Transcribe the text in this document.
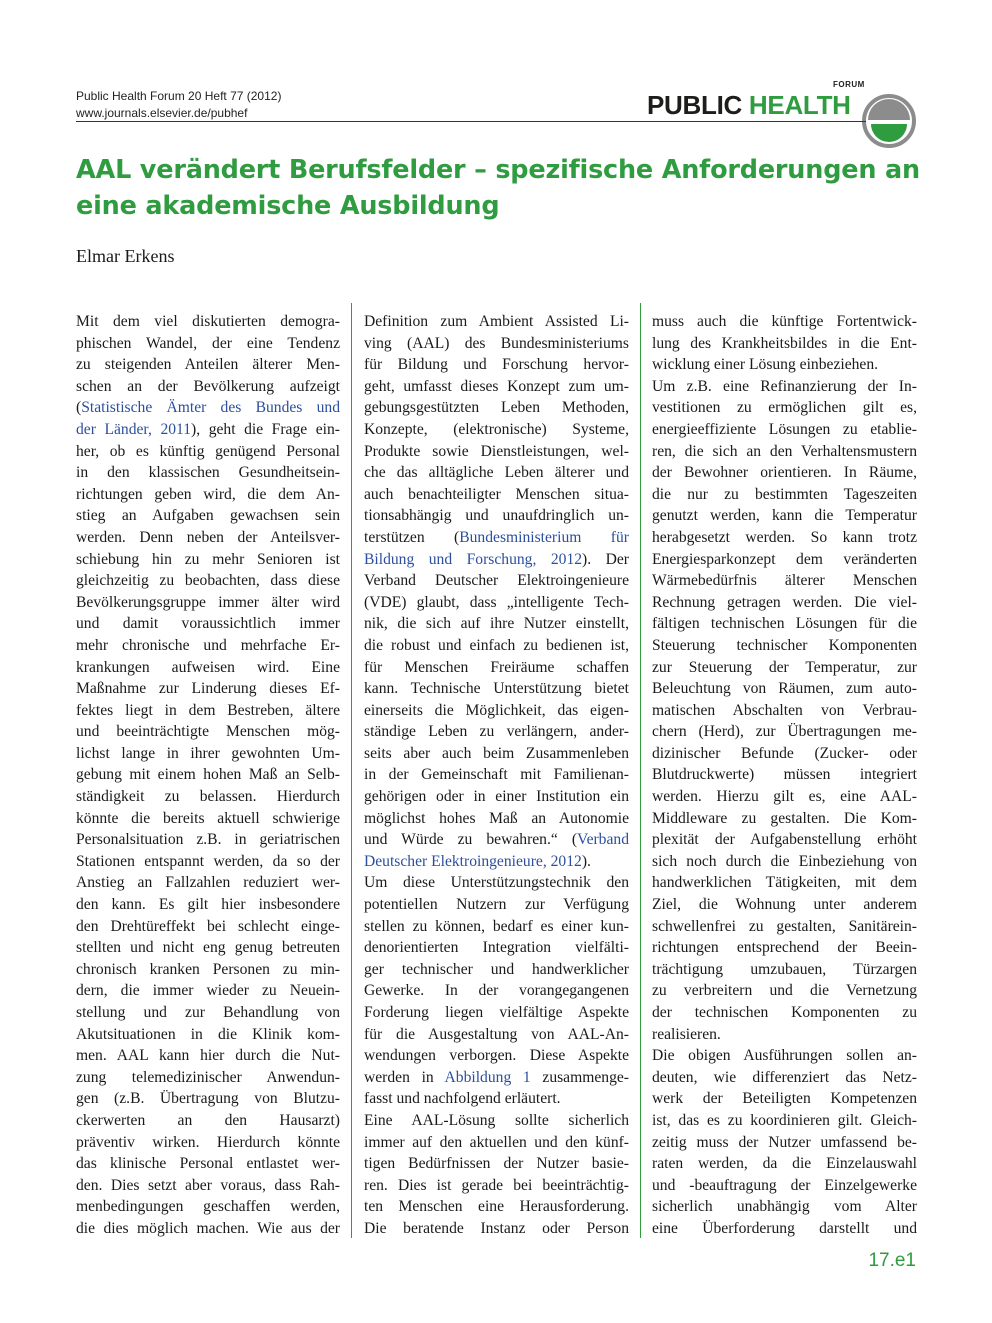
Public Health Forum 20 Heft 77 (2012)
www.journals.elsevier.de/pubhef
FORUM
PUBLIC HEALTH
AAL verändert Berufsfelder – spezifische Anforderungen an eine akademische Ausbildung
Elmar Erkens

Mit dem viel diskutierten demogra-
phischen Wandel, der eine Tendenz
zu steigenden Anteilen älterer Men-
schen an der Bevölkerung aufzeigt
(Statistische Ämter des Bundes und
der Länder, 2011), geht die Frage ein-
her, ob es künftig genügend Personal
in den klassischen Gesundheitsein-
richtungen geben wird, die dem An-
stieg an Aufgaben gewachsen sein
werden. Denn neben der Anteilsver-
schiebung hin zu mehr Senioren ist
gleichzeitig zu beobachten, dass diese
Bevölkerungsgruppe immer älter wird
und damit voraussichtlich immer
mehr chronische und mehrfache Er-
krankungen aufweisen wird. Eine
Maßnahme zur Linderung dieses Ef-
fektes liegt in dem Bestreben, ältere
und beeinträchtigte Menschen mög-
lichst lange in ihrer gewohnten Um-
gebung mit einem hohen Maß an Selb-
ständigkeit zu belassen. Hierdurch
könnte die bereits aktuell schwierige
Personalsituation z.B. in geriatrischen
Stationen entspannt werden, da so der
Anstieg an Fallzahlen reduziert wer-
den kann. Es gilt hier insbesondere
den Drehtüreffekt bei schlecht einge-
stellten und nicht eng genug betreuten
chronisch kranken Personen zu min-
dern, die immer wieder zu Neuein-
stellung und zur Behandlung von
Akutsituationen in die Klinik kom-
men. AAL kann hier durch die Nut-
zung telemedizinischer Anwendun-
gen (z.B. Übertragung von Blutzu-
ckerwerten an den Hausarzt)
präventiv wirken. Hierdurch könnte
das klinische Personal entlastet wer-
den. Dies setzt aber voraus, dass Rah-
menbedingungen geschaffen werden,
die dies möglich machen. Wie aus der

Definition zum Ambient Assisted Li-
ving (AAL) des Bundesministeriums
für Bildung und Forschung hervor-
geht, umfasst dieses Konzept zum um-
gebungsgestützten Leben Methoden,
Konzepte, (elektronische) Systeme,
Produkte sowie Dienstleistungen, wel-
che das alltägliche Leben älterer und
auch benachteiligter Menschen situa-
tionsabhängig und unaufdringlich un-
terstützen (Bundesministerium für
Bildung und Forschung, 2012). Der
Verband Deutscher Elektroingenieure
(VDE) glaubt, dass „intelligente Tech-
nik, die sich auf ihre Nutzer einstellt,
die robust und einfach zu bedienen ist,
für Menschen Freiräume schaffen
kann. Technische Unterstützung bietet
einerseits die Möglichkeit, das eigen-
ständige Leben zu verlängern, ander-
seits aber auch beim Zusammenleben
in der Gemeinschaft mit Familienan-
gehörigen oder in einer Institution ein
möglichst hohes Maß an Autonomie
und Würde zu bewahren.“ (Verband
Deutscher Elektroingenieure, 2012).

Um diese Unterstützungstechnik den
potentiellen Nutzern zur Verfügung
stellen zu können, bedarf es einer kun-
denorientierten Integration vielfälti-
ger technischer und handwerklicher
Gewerke. In der vorangegangenen
Forderung liegen vielfältige Aspekte
für die Ausgestaltung von AAL-An-
wendungen verborgen. Diese Aspekte
werden in Abbildung 1 zusammenge-
fasst und nachfolgend erläutert.

Eine AAL-Lösung sollte sicherlich
immer auf den aktuellen und den künf-
tigen Bedürfnissen der Nutzer basie-
ren. Dies ist gerade bei beeinträchtig-
ten Menschen eine Herausforderung.
Die beratende Instanz oder Person

muss auch die künftige Fortentwick-
lung des Krankheitsbildes in die Ent-
wicklung einer Lösung einbeziehen.

Um z.B. eine Refinanzierung der In-
vestitionen zu ermöglichen gilt es,
energieeffiziente Lösungen zu etablie-
ren, die sich an den Verhaltensmustern
der Bewohner orientieren. In Räume,
die nur zu bestimmten Tageszeiten
genutzt werden, kann die Temperatur
herabgesetzt werden. So kann trotz
Energiesparkonzept dem veränderten
Wärmebedürfnis älterer Menschen
Rechnung getragen werden. Die viel-
fältigen technischen Lösungen für die
Steuerung technischer Komponenten
zur Steuerung der Temperatur, zur
Beleuchtung von Räumen, zum auto-
matischen Abschalten von Verbrau-
chern (Herd), zur Übertragungen me-
dizinischer Befunde (Zucker- oder
Blutdruckwerte) müssen integriert
werden. Hierzu gilt es, eine AAL-
Middleware zu gestalten. Die Kom-
plexität der Aufgabenstellung erhöht
sich noch durch die Einbeziehung von
handwerklichen Tätigkeiten, mit dem
Ziel, die Wohnung unter anderem
schwellenfrei zu gestalten, Sanitärein-
richtungen entsprechend der Beein-
trächtigung umzubauen, Türzargen
zu verbreitern und die Vernetzung
der technischen Komponenten zu
realisieren.

Die obigen Ausführungen sollen an-
deuten, wie differenziert das Netz-
werk der Beteiligten Kompetenzen
ist, das es zu koordinieren gilt. Gleich-
zeitig muss der Nutzer umfassend be-
raten werden, da die Einzelauswahl
und -beauftragung der Einzelgewerke
sicherlich unabhängig vom Alter
eine Überforderung darstellt und

17.e1
